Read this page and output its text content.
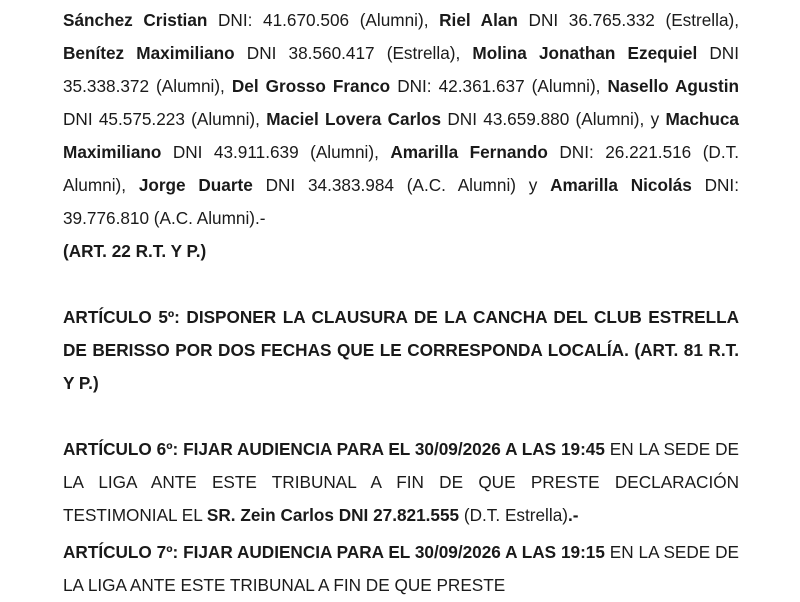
Sánchez Cristian DNI: 41.670.506 (Alumni), Riel Alan DNI 36.765.332 (Estrella), Benítez Maximiliano DNI 38.560.417 (Estrella), Molina Jonathan Ezequiel DNI 35.338.372 (Alumni), Del Grosso Franco DNI: 42.361.637 (Alumni), Nasello Agustin DNI 45.575.223 (Alumni), Maciel Lovera Carlos DNI 43.659.880 (Alumni), y Machuca Maximiliano DNI 43.911.639 (Alumni), Amarilla Fernando DNI: 26.221.516 (D.T. Alumni), Jorge Duarte DNI 34.383.984 (A.C. Alumni) y Amarilla Nicolás DNI: 39.776.810 (A.C. Alumni).-
(ART. 22 R.T. Y P.)

ARTÍCULO 5º: DISPONER LA CLAUSURA DE LA CANCHA DEL CLUB ESTRELLA DE BERISSO POR DOS FECHAS QUE LE CORRESPONDA LOCALÍA. (ART. 81 R.T. Y P.)

ARTÍCULO 6º: FIJAR AUDIENCIA PARA EL 30/09/2026 A LAS 19:45 EN LA SEDE DE LA LIGA ANTE ESTE TRIBUNAL A FIN DE QUE PRESTE DECLARACIÓN TESTIMONIAL EL SR. Zein Carlos DNI 27.821.555 (D.T. Estrella).-

ARTÍCULO 7º: FIJAR AUDIENCIA PARA EL 30/09/2026 A LAS 19:15 EN LA SEDE DE LA LIGA ANTE ESTE TRIBUNAL A FIN DE QUE PRESTE
